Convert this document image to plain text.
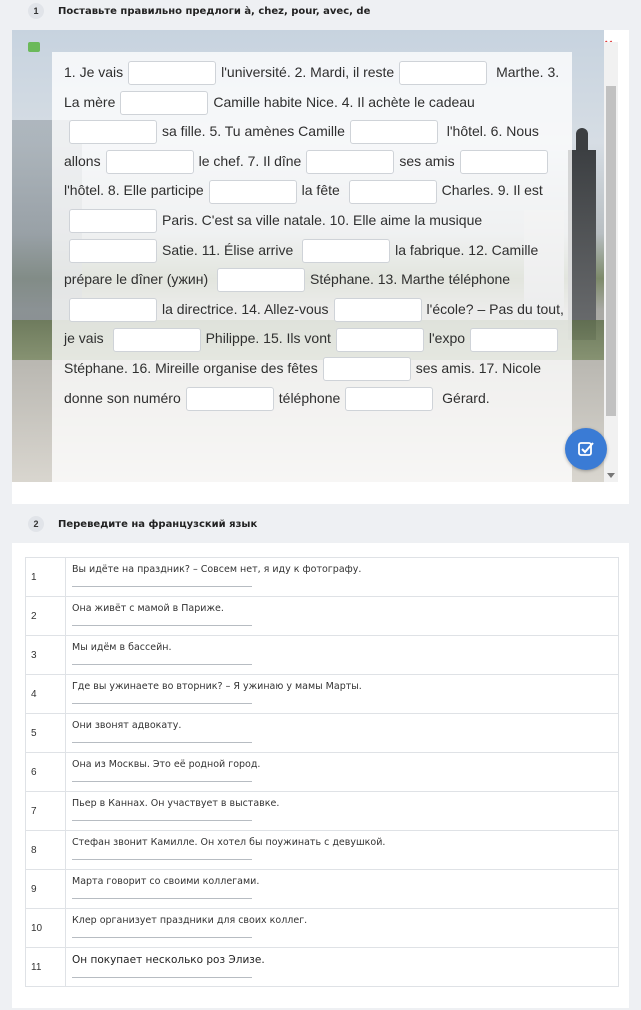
1	Поставьте правильно предлоги à, chez, pour, avec, de
1. Je vais	l'université. 2. Mardi, il reste	Marthe. 3. La mère	Camille habite Nice. 4. Il achète le cadeausa fille. 5. Tu amènes Camille	l'hôtel. 6. Nous allons	le chef. 7. Il dîne	ses amisl'hôtel. 8. Elle participe	la fête	Charles. 9. Il estParis. C'est sa ville natale. 10. Elle aime la musiqueSatie. 11. Élise arrive	la fabrique. 12. Camille prépare le dîner (ужин)	Stéphane. 13. Marthe téléphonela directrice. 14. Allez-vous	l'école? – Pas du tout, je vais	Philippe. 15. Ils vont	l'expo Stéphane. 16. Mireille organise des fêtes	ses amis. 17. Nicole donne son numéro	téléphone	Gérard.
2	Переведите на французский язык
1	Вы идёте на праздник? – Совсем нет, я иду к фотографу.

2	Она живёт с мамой в Париже.

3	Мы идём в бассейн.

4	Где вы ужинаете во вторник? – Я ужинаю у мамы Марты.

5	Они звонят адвокату.

6	Она из Москвы. Это её родной город.

7	Пьер в Каннах. Он участвует в выставке.

8	Стефан звонит Камилле. Он хотел бы поужинать с девушкой.

9	Марта говорит со своими коллегами.

10	Клер организует праздники для своих коллег.

11	Он покупает несколько роз Элизе.
